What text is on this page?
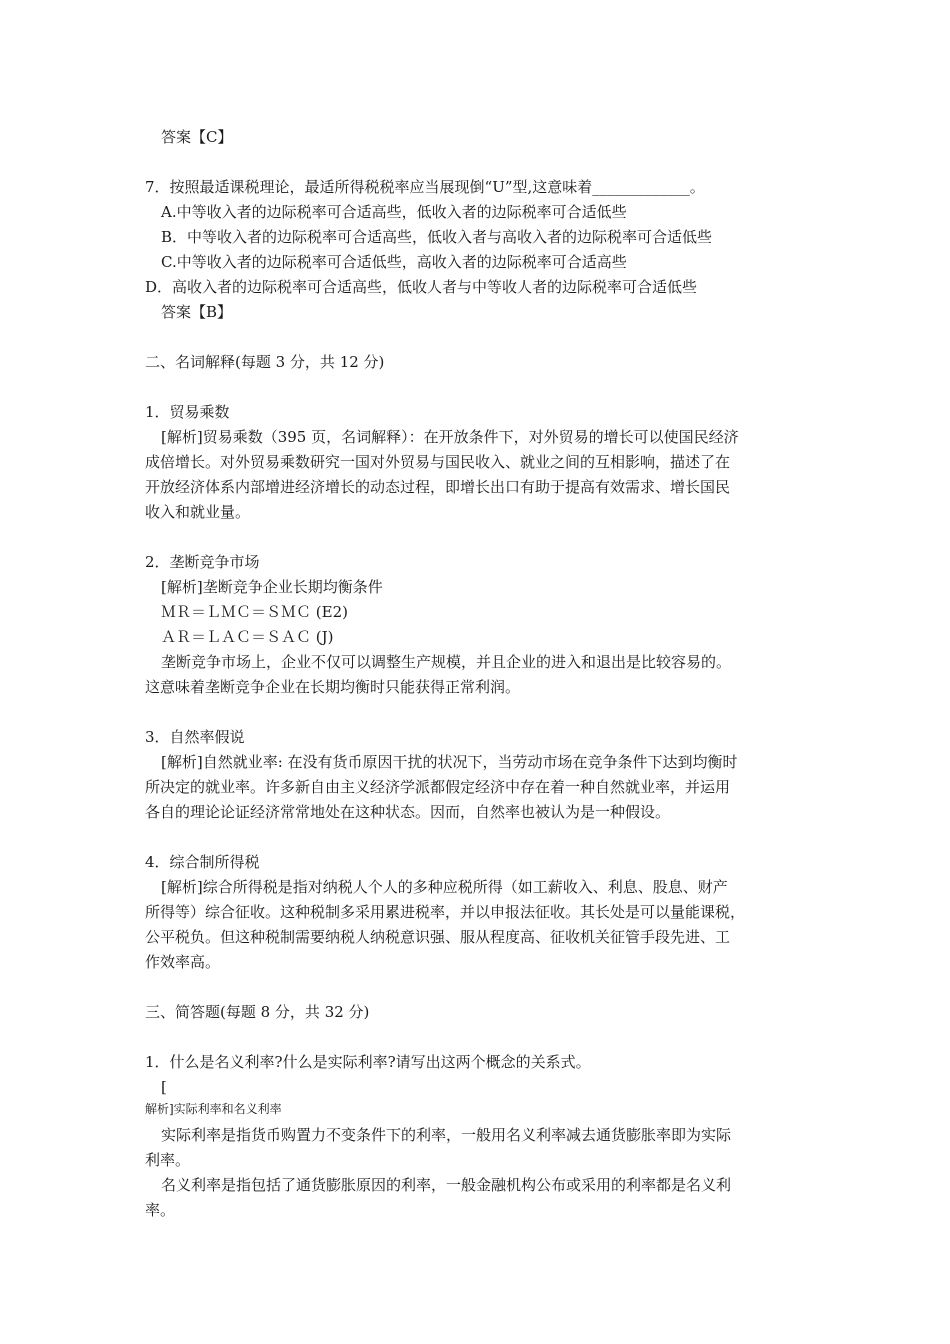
答案【C】
7．按照最适课税理论，最适所得税税率应当展现倒“U”型,这意味着_____________。
A.中等收入者的边际税率可合适高些，低收入者的边际税率可合适低些
B．中等收入者的边际税率可合适高些，低收入者与高收入者的边际税率可合适低些
C.中等收入者的边际税率可合适低些，高收入者的边际税率可合适高些
D．高收入者的边际税率可合适高些，低收人者与中等收人者的边际税率可合适低些
答案【B】
二、名词解释(每题 3 分，共 12 分)
1．贸易乘数
[解析]贸易乘数（395 页，名词解释）：在开放条件下，对外贸易的增长可以使国民经济
成倍增长。对外贸易乘数研究一国对外贸易与国民收入、就业之间的互相影响，描述了在
开放经济体系内部增进经济增长的动态过程，即增长出口有助于提高有效需求、增长国民
收入和就业量。
2．垄断竞争市场
[解析]垄断竞争企业长期均衡条件
ＭＲ＝ＬＭＣ＝ＳＭＣ (E2)
ＡＲ＝ＬＡＣ＝ＳＡＣ (J)
垄断竞争市场上，企业不仅可以调整生产规模，并且企业的进入和退出是比较容易的。
这意味着垄断竞争企业在长期均衡时只能获得正常利润。
3．自然率假说
[解析]自然就业率: 在没有货币原因干扰的状况下，当劳动市场在竞争条件下达到均衡时
所决定的就业率。许多新自由主义经济学派都假定经济中存在着一种自然就业率，并运用
各自的理论论证经济常常地处在这种状态。因而，自然率也被认为是一种假设。
4．综合制所得税
[解析]综合所得税是指对纳税人个人的多种应税所得（如工薪收入、利息、股息、财产
所得等）综合征收。这种税制多采用累进税率，并以申报法征收。其长处是可以量能课税，
公平税负。但这种税制需要纳税人纳税意识强、服从程度高、征收机关征管手段先进、工
作效率高。
三、简答题(每题 8 分，共 32 分)
1．什么是名义利率?什么是实际利率?请写出这两个概念的关系式。
[
解析]实际利率和名义利率
实际利率是指货币购置力不变条件下的利率，一般用名义利率减去通货膨胀率即为实际
利率。
名义利率是指包括了通货膨胀原因的利率，一般金融机构公布或采用的利率都是名义利
率。
